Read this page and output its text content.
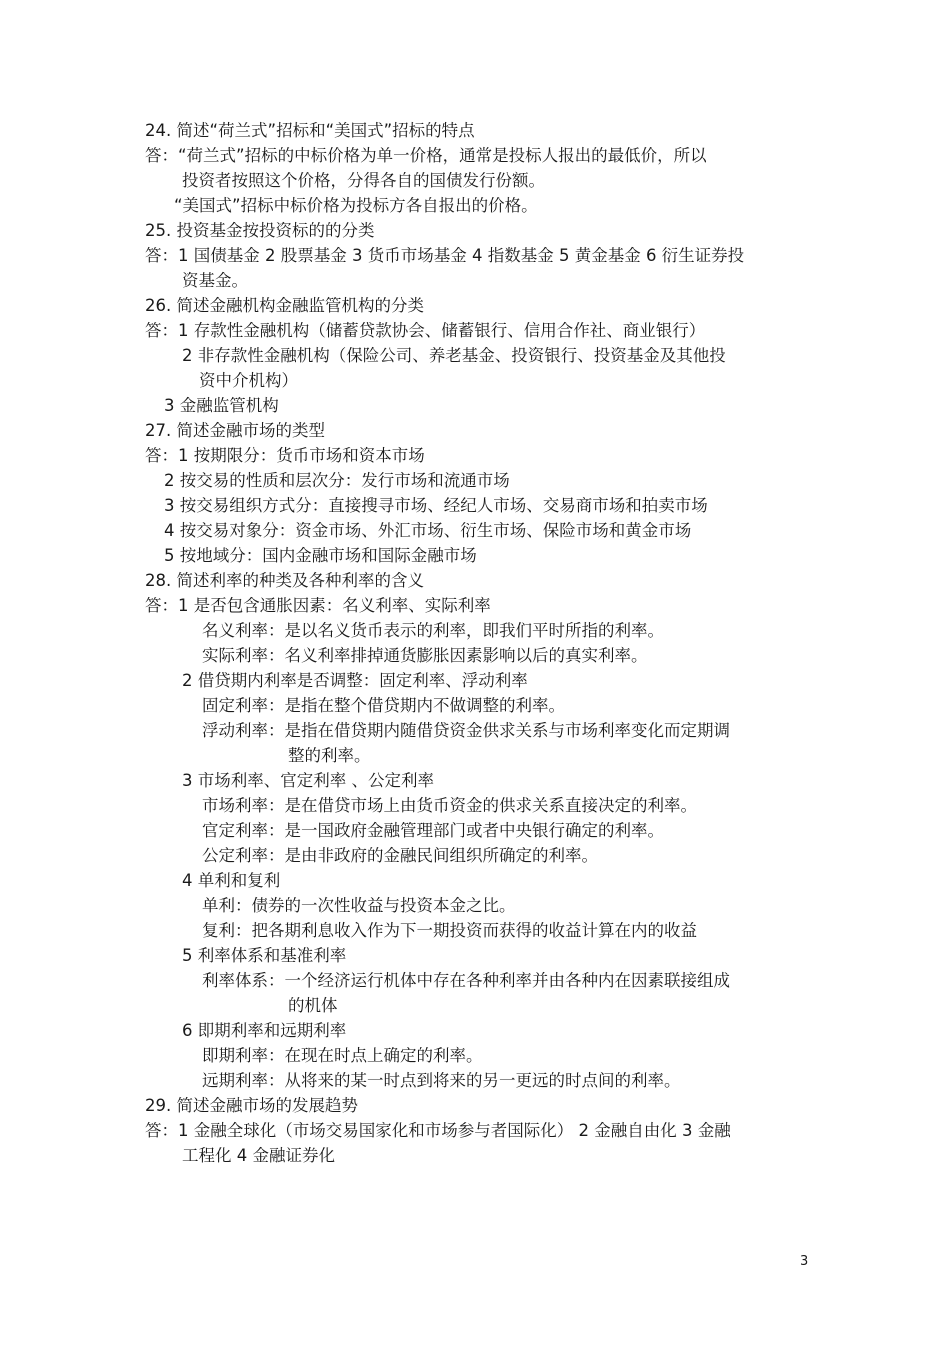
24. 简述“荷兰式”招标和“美国式”招标的特点
答：“荷兰式”招标的中标价格为单一价格，通常是投标人报出的最低价，所以
投资者按照这个价格，分得各自的国债发行份额。
“美国式”招标中标价格为投标方各自报出的价格。
25. 投资基金按投资标的的分类
答：1 国债基金 2 股票基金 3 货币市场基金 4 指数基金 5 黄金基金 6 衍生证券投
资基金。
26. 简述金融机构金融监管机构的分类
答：1 存款性金融机构（储蓄贷款协会、储蓄银行、信用合作社、商业银行）
2 非存款性金融机构（保险公司、养老基金、投资银行、投资基金及其他投
资中介机构）
3 金融监管机构
27. 简述金融市场的类型
答：1 按期限分：货币市场和资本市场
2 按交易的性质和层次分：发行市场和流通市场
3 按交易组织方式分：直接搜寻市场、经纪人市场、交易商市场和拍卖市场
4 按交易对象分：资金市场、外汇市场、衍生市场、保险市场和黄金市场
5 按地域分：国内金融市场和国际金融市场
28. 简述利率的种类及各种利率的含义
答：1 是否包含通胀因素：名义利率、实际利率
名义利率：是以名义货币表示的利率，即我们平时所指的利率。
实际利率：名义利率排掉通货膨胀因素影响以后的真实利率。
2 借贷期内利率是否调整：固定利率、浮动利率
固定利率：是指在整个借贷期内不做调整的利率。
浮动利率：是指在借贷期内随借贷资金供求关系与市场利率变化而定期调
整的利率。
3 市场利率、官定利率 、公定利率
市场利率：是在借贷市场上由货币资金的供求关系直接决定的利率。
官定利率：是一国政府金融管理部门或者中央银行确定的利率。
公定利率：是由非政府的金融民间组织所确定的利率。
4 单利和复利
单利：债券的一次性收益与投资本金之比。
复利：把各期利息收入作为下一期投资而获得的收益计算在内的收益
5 利率体系和基准利率
利率体系：一个经济运行机体中存在各种利率并由各种内在因素联接组成
的机体
6 即期利率和远期利率
即期利率：在现在时点上确定的利率。
远期利率：从将来的某一时点到将来的另一更远的时点间的利率。
29. 简述金融市场的发展趋势
答：1 金融全球化（市场交易国家化和市场参与者国际化） 2 金融自由化 3 金融
工程化 4 金融证券化
3
